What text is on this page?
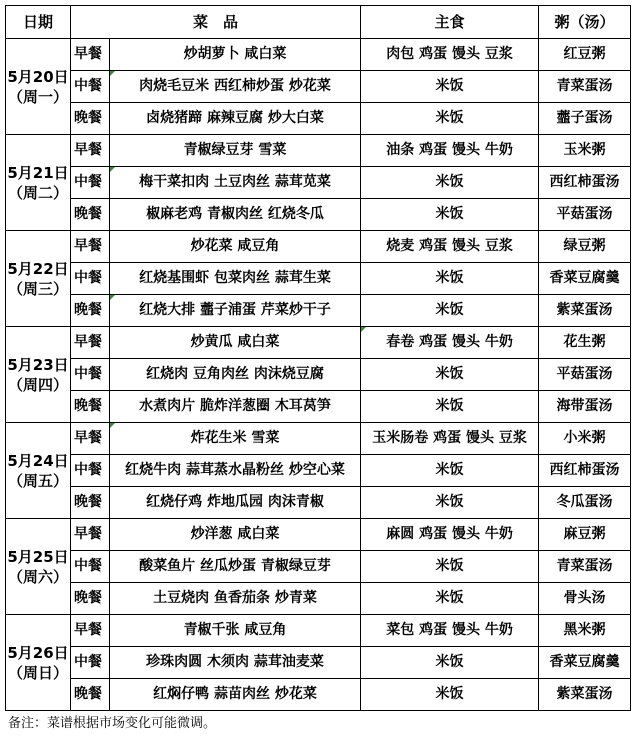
日期	菜　品		主食	粥（汤）

5月20日
（周一）	早餐	炒胡萝卜 咸白菜	肉包 鸡蛋 馒头 豆浆	红豆粥
	中餐	肉烧毛豆米 西红柿炒蛋 炒花菜	米饭	青菜蛋汤
	晚餐	卤烧猪蹄 麻辣豆腐 炒大白菜	米饭	虀子蛋汤

5月21日
（周二）	早餐	青椒绿豆芽 雪菜	油条 鸡蛋 馒头 牛奶	玉米粥
	中餐	梅干菜扣肉 土豆肉丝 蒜茸苋菜	米饭	西红柿蛋汤
	晚餐	椒麻老鸡 青椒肉丝 红烧冬瓜	米饭	平菇蛋汤

5月22日
（周三）	早餐	炒花菜 咸豆角	烧麦 鸡蛋 馒头 豆浆	绿豆粥
	中餐	红烧基围虾 包菜肉丝 蒜茸生菜	米饭	香菜豆腐羹
	晚餐	红烧大排 虀子浦蛋 芹菜炒干子	米饭	紫菜蛋汤

5月23日
（周四）	早餐	炒黄瓜 咸白菜	春卷 鸡蛋 馒头 牛奶	花生粥
	中餐	红烧肉 豆角肉丝 肉沫烧豆腐	米饭	平菇蛋汤
	晚餐	水煮肉片 脆炸洋葱圈 木耳莴笋	米饭	海带蛋汤

5月24日
（周五）	早餐	炸花生米 雪菜	玉米肠卷 鸡蛋 馒头 豆浆	小米粥
	中餐	红烧牛肉 蒜茸蒸水晶粉丝 炒空心菜	米饭	西红柿蛋汤
	晚餐	红烧仔鸡 炸地瓜园 肉沫青椒	米饭	冬瓜蛋汤

5月25日
（周六）	早餐	炒洋葱 咸白菜	麻圆 鸡蛋 馒头 牛奶	麻豆粥
	中餐	酸菜鱼片 丝瓜炒蛋 青椒绿豆芽	米饭	青菜蛋汤
	晚餐	土豆烧肉 鱼香茄条 炒青菜	米饭	骨头汤

5月26日
（周日）	早餐	青椒千张 咸豆角	菜包 鸡蛋 馒头 牛奶	黑米粥
	中餐	珍珠肉圆 木须肉 蒜茸油麦菜	米饭	香菜豆腐羹
	晚餐	红焖仔鸭 蒜苗肉丝 炒花菜	米饭	紫菜蛋汤
备注：菜谱根据市场变化可能微调。
